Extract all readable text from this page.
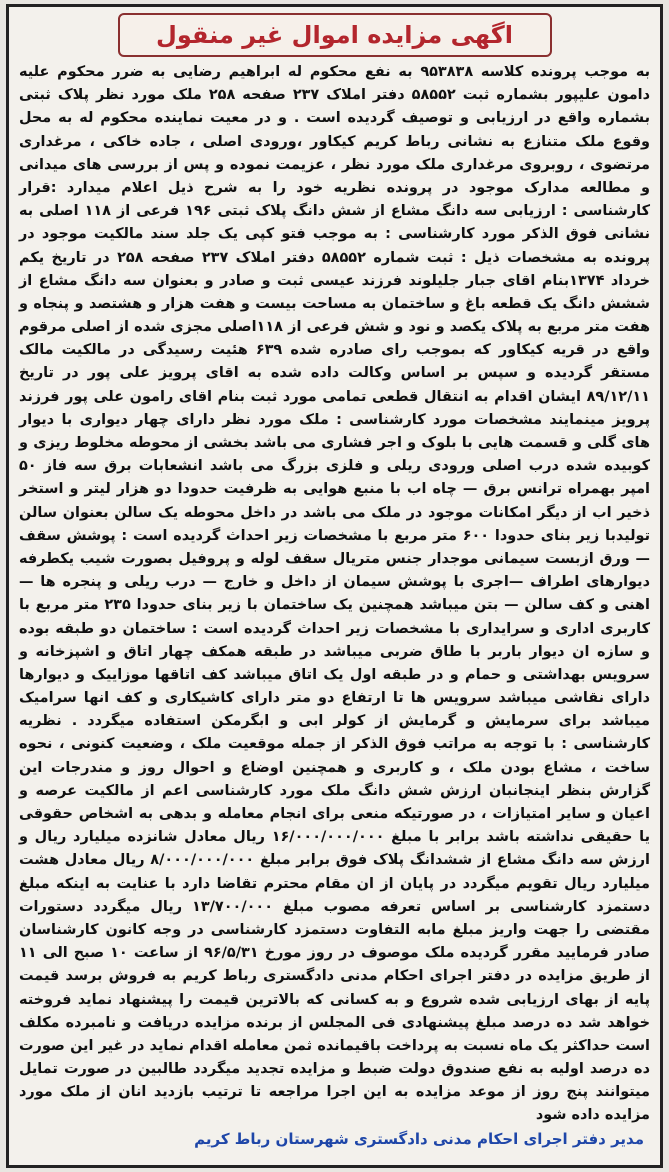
اگهی مزایده اموال غیر منقول

به موجب پرونده کلاسه ۹۵۳۸۳۸ به نفع محکوم له ابراهیم رضایی به ضرر محکوم علیه دامون علیپور بشماره ثبت ۵۸۵۵۲ دفتر املاک ۲۳۷ صفحه ۲۵۸ ملک مورد نظر پلاک ثبتی بشماره واقع در ارزیابی و توصیف گردیده است . و در معیت نماینده محکوم له به محل وقوع ملک متنازع به نشانی رباط کریم کیکاور ،ورودی اصلی ، جاده خاکی ، مرغداری مرتضوی ، روبروی مرغداری ملک مورد نظر ، عزیمت نموده و پس از بررسی های میدانی و مطالعه مدارک موجود در پرونده نظریه خود را به شرح ذیل اعلام میدارد :قرار کارشناسی : ارزیابی سه دانگ مشاع از شش دانگ پلاک ثبتی ۱۹۶ فرعی از ۱۱۸ اصلی به نشانی فوق الذکر مورد کارشناسی : به موجب فتو کپی یک جلد سند مالکیت موجود در پرونده به مشخصات ذیل : ثبت شماره ۵۸۵۵۲ دفتر املاک ۲۳۷ صفحه ۲۵۸ در تاریخ یکم خرداد ۱۳۷۴بنام اقای جبار جلیلوند فرزند عیسی ثبت و صادر و بعنوان سه دانگ مشاع از ششش دانگ یک قطعه باغ و ساختمان به مساحت بیست و هفت هزار و هشتصد و پنجاه و هفت متر مربع به پلاک یکصد و نود و شش فرعی از ۱۱۸اصلی مجزی شده از اصلی مرقوم واقع در قریه کیکاور که بموجب رای صادره شده ۶۳۹ هئیت رسیدگی در مالکیت مالک مستقر گردیده و سپس بر اساس وکالت داده شده به اقای پرویز علی پور در تاریخ ۸۹/۱۲/۱۱ ایشان اقدام به انتقال قطعی تمامی مورد ثبت بنام اقای رامون علی پور فرزند پرویز مینمایند مشخصات مورد کارشناسی : ملک مورد نظر دارای چهار دیواری با دیوار های گلی و قسمت هایی با بلوک و اجر فشاری می باشد بخشی از محوطه مخلوط ریزی و کوبیده شده درب اصلی ورودی ریلی و فلزی بزرگ می باشد انشعابات برق سه فاز ۵۰ امپر بهمراه ترانس برق — چاه اب با منبع هوایی به ظرفیت حدودا دو هزار لیتر و استخر ذخیر اب از دیگر امکانات موجود در ملک می باشد در داخل محوطه یک سالن بعنوان سالن تولیدبا زیر بنای حدودا ۶۰۰ متر مربع با مشخصات زیر احداث گردیده است : پوشش سقف — ورق ازبست سیمانی موجدار جنس متریال سقف لوله و پروفیل بصورت شیب یکطرفه دیوارهای اطراف —اجری با پوشش سیمان از داخل و خارج — درب ریلی و پنجره ها — اهنی و کف سالن — بتن میباشد همچنین یک ساختمان با زیر بنای حدودا ۲۳۵ متر مربع با کاربری اداری و سرایداری با مشخصات زیر احداث گردیده است : ساختمان دو طبقه بوده و سازه ان دیوار باربر با طاق ضربی میباشد در طبقه همکف چهار اتاق و اشپزخانه و سرویس بهداشتی و حمام و در طبقه اول یک اتاق میباشد کف اتاقها موزاییک و دیوارها دارای نقاشی میباشد سرویس ها تا ارتفاع دو متر دارای کاشیکاری و کف انها سرامیک میباشد برای سرمایش و گرمایش از کولر ابی و ابگرمکن استفاده میگردد . نظریه کارشناسی : با توجه به مراتب فوق الذکر از جمله موقعیت ملک ، وضعیت کنونی ، نحوه ساخت ، مشاع بودن ملک ، و کاربری و همچنین اوضاع و احوال روز و مندرجات این گزارش بنظر اینجانبان ارزش شش دانگ ملک مورد کارشناسی اعم از مالکیت عرصه و اعیان و سایر امتیازات ، در صورتیکه منعی برای انجام معامله و بدهی به اشخاص حقوقی یا حقیقی نداشته باشد برابر با مبلغ ۱۶/۰۰۰/۰۰۰/۰۰۰ ریال معادل شانزده میلیارد ریال و ارزش سه دانگ مشاع از ششدانگ پلاک فوق برابر مبلغ ۸/۰۰۰/۰۰۰/۰۰۰ ریال معادل هشت میلیارد ریال تقویم میگردد در پایان از ان مقام محترم تقاضا دارد با عنایت به اینکه مبلغ دستمزد کارشناسی بر اساس تعرفه مصوب مبلغ ۱۳/۷۰۰/۰۰۰ ریال میگردد دستورات مقتضی را جهت واریز مبلغ مابه التفاوت دستمزد کارشناسی در وجه کانون کارشناسان صادر فرمایید مقرر گردیده ملک موصوف در روز مورخ ۹۶/۵/۳۱ از ساعت ۱۰ صبح الی ۱۱ از طریق مزایده در دفتر اجرای احکام مدنی دادگستری رباط کریم به فروش برسد قیمت پایه از بهای ارزیابی شده شروع و به کسانی که بالاترین قیمت را پیشنهاد نماید فروخته خواهد شد ده درصد مبلغ پیشنهادی فی المجلس از برنده مزایده دریافت و نامبرده مکلف است حداکثر یک ماه نسبت به پرداخت باقیمانده ثمن معامله اقدام نماید در غیر این صورت ده درصد اولیه به نفع صندوق دولت ضبط و مزایده تجدید میگردد طالبین در صورت تمایل میتوانند پنج روز از موعد مزایده به این اجرا مراجعه تا ترتیب بازدید انان از ملک مورد مزایده داده شود

مدیر دفتر اجرای احکام مدنی دادگستری شهرستان رباط کریم
